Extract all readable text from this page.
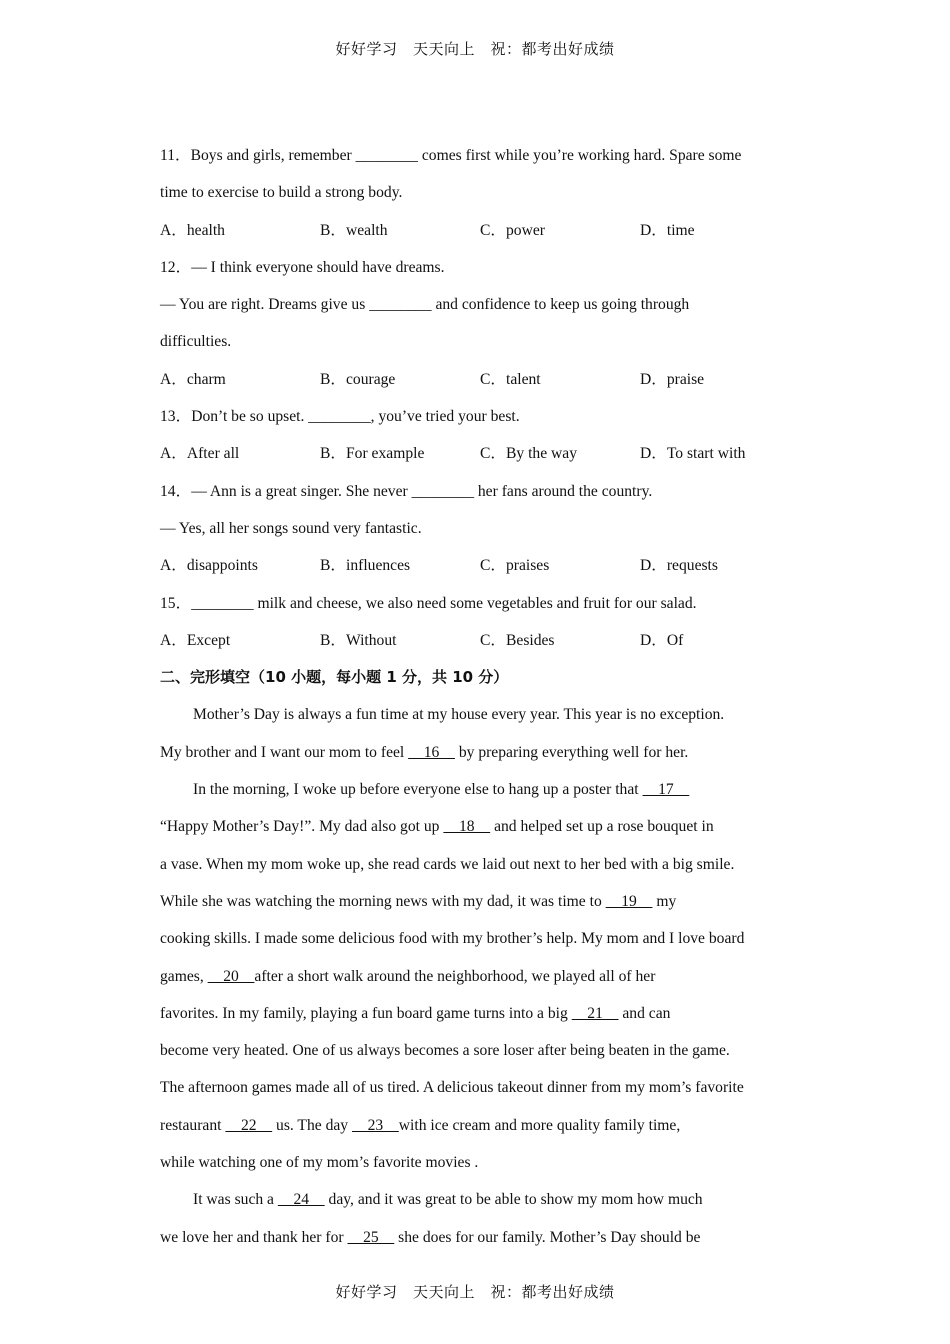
好好学习　天天向上　祝：都考出好成绩
11．Boys and girls, remember ________ comes first while you’re working hard. Spare some
time to exercise to build a strong body.
A．health	B．wealth	C．power	D．time
12．— I think everyone should have dreams.
— You are right. Dreams give us ________ and confidence to keep us going through
difficulties.
A．charm	B．courage	C．talent	D．praise
13．Don’t be so upset. ________, you’ve tried your best.
A．After all	B．For example	C．By the way	D．To start with
14．— Ann is a great singer. She never ________ her fans around the country.
— Yes, all her songs sound very fantastic.
A．disappoints	B．influences	C．praises	D．requests
15．________ milk and cheese, we also need some vegetables and fruit for our salad.
A．Except	B．Without	C．Besides	D．Of
二、完形填空（10 小题，每小题 1 分，共 10 分）
Mother’s Day is always a fun time at my house every year. This year is no exception.
My brother and I want our mom to feel     16     by preparing everything well for her.
In the morning, I woke up before everyone else to hang up a poster that     17
“Happy Mother’s Day!”. My dad also got up     18     and helped set up a rose bouquet in
a vase. When my mom woke up, she read cards we laid out next to her bed with a big smile.
While she was watching the morning news with my dad, it was time to     19     my
cooking skills. I made some delicious food with my brother’s help. My mom and I love board
games,     20    after a short walk around the neighborhood, we played all of her
favorites. In my family, playing a fun board game turns into a big     21     and can
become very heated. One of us always becomes a sore loser after being beaten in the game.
The afternoon games made all of us tired. A delicious takeout dinner from my mom’s favorite
restaurant     22     us. The day     23    with ice cream and more quality family time,
while watching one of my mom’s favorite movies .
It was such a     24     day, and it was great to be able to show my mom how much
we love her and thank her for     25     she does for our family. Mother’s Day should be
好好学习　天天向上　祝：都考出好成绩
